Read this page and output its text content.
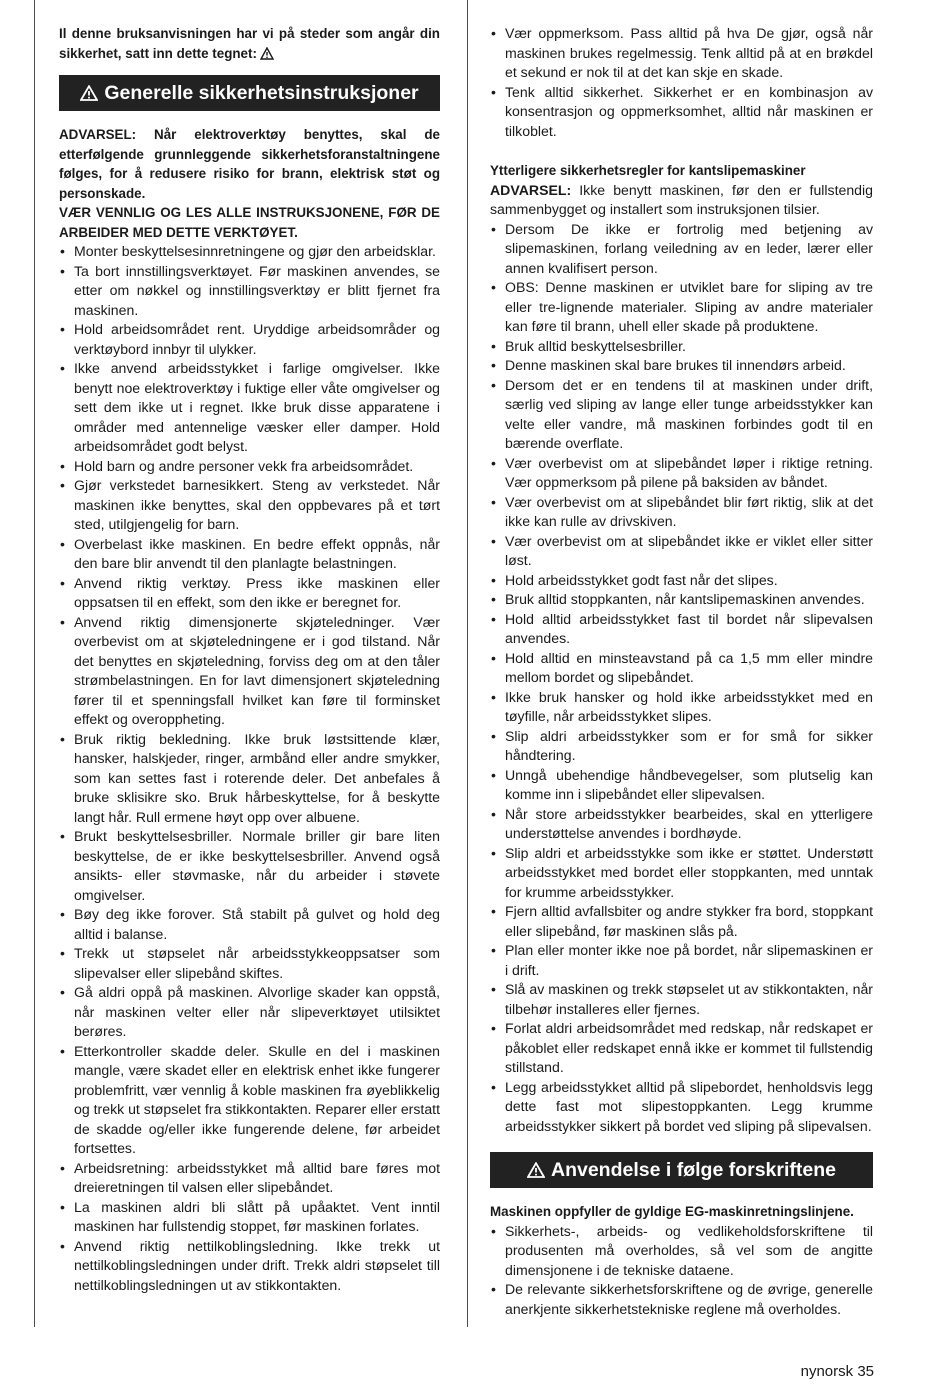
Il denne bruksanvisningen har vi på steder som angår din sikkerhet, satt inn dette tegnet:

Generelle sikkerhetsinstruksjoner

ADVARSEL: Når elektroverktøy benyttes, skal de etterfølgende grunnleggende sikkerhetsforanstaltningene følges, for å redusere risiko for brann, elektrisk støt og personskade.

VÆR VENNLIG OG LES ALLE INSTRUKSJONENE, FØR DE ARBEIDER MED DETTE VERKTØYET.

• Monter beskyttelsesinnretningene og gjør den arbeidsklar.
• Ta bort innstillingsverktøyet. Før maskinen anvendes, se etter om nøkkel og innstillingsverktøy er blitt fjernet fra maskinen.
• Hold arbeidsområdet rent. Uryddige arbeidsområder og verktøybord innbyr til ulykker.
• Ikke anvend arbeidsstykket i farlige omgivelser. Ikke benytt noe elektroverktøy i fuktige eller våte omgivelser og sett dem ikke ut i regnet. Ikke bruk disse apparatene i områder med antennelige væsker eller damper. Hold arbeidsområdet godt belyst.
• Hold barn og andre personer vekk fra arbeidsområdet.
• Gjør verkstedet barnesikkert. Steng av verkstedet. Når maskinen ikke benyttes, skal den oppbevares på et tørt sted, utilgjengelig for barn.
• Overbelast ikke maskinen. En bedre effekt oppnås, når den bare blir anvendt til den planlagte belastningen.
• Anvend riktig verktøy. Press ikke maskinen eller oppsatsen til en effekt, som den ikke er beregnet for.
• Anvend riktig dimensjonerte skjøteledninger. Vær overbevist om at skjøteledningene er i god tilstand. Når det benyttes en skjøteledning, forviss deg om at den tåler strømbelastningen. En for lavt dimensjonert skjøteledning fører til et spenningsfall hvilket kan føre til forminsket effekt og overoppheting.
• Bruk riktig bekledning. Ikke bruk løstsittende klær, hansker, halskjeder, ringer, armbånd eller andre smykker, som kan settes fast i roterende deler. Det anbefales å bruke sklisikre sko. Bruk hårbeskyttelse, for å beskytte langt hår. Rull ermene høyt opp over albuene.
• Brukt beskyttelsesbriller. Normale briller gir bare liten beskyttelse, de er ikke beskyttelsesbriller. Anvend også ansikts- eller støvmaske, når du arbeider i støvete omgivelser.
• Bøy deg ikke forover. Stå stabilt på gulvet og hold deg alltid i balanse.
• Trekk ut støpselet når arbeidsstykkeoppsatser som slipevalser eller slipebånd skiftes.
• Gå aldri oppå på maskinen. Alvorlige skader kan oppstå, når maskinen velter eller når slipeverktøyet utilsiktet berøres.
• Etterkontroller skadde deler. Skulle en del i maskinen mangle, være skadet eller en elektrisk enhet ikke fungerer problemfritt, vær vennlig å koble maskinen fra øyeblikkelig og trekk ut støpselet fra stikkontakten. Reparer eller erstatt de skadde og/eller ikke fungerende delene, før arbeidet fortsettes.
• Arbeidsretning: arbeidsstykket må alltid bare føres mot dreieretningen til valsen eller slipebåndet.
• La maskinen aldri bli slått på upåaktet. Vent inntil maskinen har fullstendig stoppet, før maskinen forlates.
• Anvend riktig nettilkoblingsledning. Ikke trekk ut nettilkoblingsledningen under drift. Trekk aldri støpselet till nettilkoblingsledningen ut av stikkontakten.
• Vær oppmerksom. Pass alltid på hva De gjør, også når maskinen brukes regelmessig. Tenk alltid på at en brøkdel et sekund er nok til at det kan skje en skade.
• Tenk alltid sikkerhet. Sikkerhet er en kombinasjon av konsentrasjon og oppmerksomhet, alltid når maskinen er tilkoblet.

Ytterligere sikkerhetsregler for kantslipemaskiner

ADVARSEL: Ikke benytt maskinen, før den er fullstendig sammenbygget og installert som instruksjonen tilsier.

• Dersom De ikke er fortrolig med betjening av slipemaskinen, forlang veiledning av en leder, lærer eller annen kvalifisert person.
• OBS: Denne maskinen er utviklet bare for sliping av tre eller tre-lignende materialer. Sliping av andre materialer kan føre til brann, uhell eller skade på produktene.
• Bruk alltid beskyttelsesbriller.
• Denne maskinen skal bare brukes til innendørs arbeid.
• Dersom det er en tendens til at maskinen under drift, særlig ved sliping av lange eller tunge arbeidsstykker kan velte eller vandre, må maskinen forbindes godt til en bærende overflate.
• Vær overbevist om at slipebåndet løper i riktige retning. Vær oppmerksom på pilene på baksiden av båndet.
• Vær overbevist om at slipebåndet blir ført riktig, slik at det ikke kan rulle av drivskiven.
• Vær overbevist om at slipebåndet ikke er viklet eller sitter løst.
• Hold arbeidsstykket godt fast når det slipes.
• Bruk alltid stoppkanten, når kantslipemaskinen anvendes.
• Hold alltid arbeidsstykket fast til bordet når slipevalsen anvendes.
• Hold alltid en minsteavstand på ca 1,5 mm eller mindre mellom bordet og slipebåndet.
• Ikke bruk hansker og hold ikke arbeidsstykket med en tøyfille, når arbeidsstykket slipes.
• Slip aldri arbeidsstykker som er for små for sikker håndtering.
• Unngå ubehendige håndbevegelser, som plutselig kan komme inn i slipebåndet eller slipevalsen.
• Når store arbeidsstykker bearbeides, skal en ytterligere understøttelse anvendes i bordhøyde.
• Slip aldri et arbeidsstykke som ikke er støttet. Understøtt arbeidsstykket med bordet eller stoppkanten, med unntak for krumme arbeidsstykker.
• Fjern alltid avfallsbiter og andre stykker fra bord, stoppkant eller slipebånd, før maskinen slås på.
• Plan eller monter ikke noe på bordet, når slipemaskinen er i drift.
• Slå av maskinen og trekk støpselet ut av stikkontakten, når tilbehør installeres eller fjernes.
• Forlat aldri arbeidsområdet med redskap, når redskapet er påkoblet eller redskapet ennå ikke er kommet til fullstendig stillstand.
• Legg arbeidsstykket alltid på slipebordet, henholdsvis legg dette fast mot slipestoppkanten. Legg krumme arbeidsstykker sikkert på bordet ved sliping på slipevalsen.
Anvendelse i følge forskriftene

Maskinen oppfyller de gyldige EG-maskinretningslinjene.

• Sikkerhets-, arbeids- og vedlikeholdsforskriftene til produsenten må overholdes, så vel som de angitte dimensjonene i de tekniske dataene.
• De relevante sikkerhetsforskriftene og de øvrige, generelle anerkjente sikkerhetstekniske reglene må overholdes.
nynorsk 35
